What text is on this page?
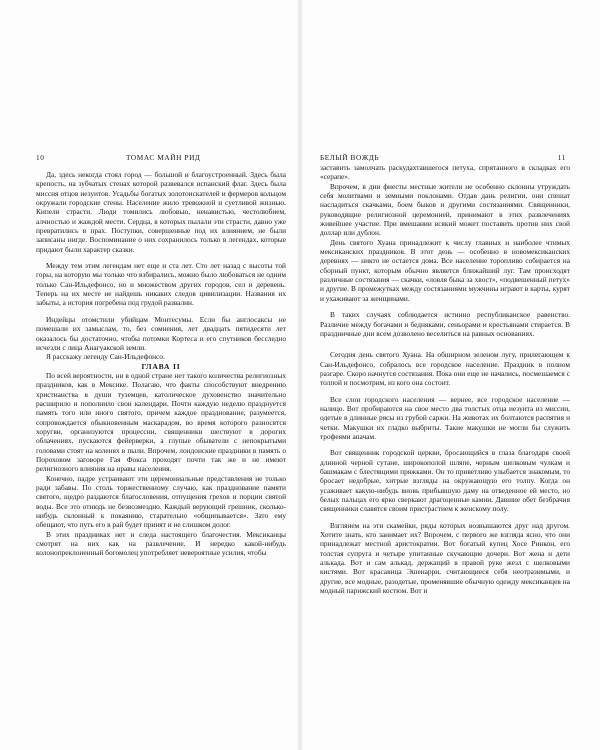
10	ТОМАС МАЙН РИД

Да, здесь некогда стоял город — большой и благоустроенный. Здесь была крепость, на зубчатых стенах которой развевался испанский флаг. Здесь была миссия отцов иезуитов. Усадьбы богатых золотоискателей и фермеров кольцом окружали городские стены. Население жило тревожной и суетливой жизнью. Кипели страсти. Люди томились любовью, ненавистью, честолюбием, алчностью и жаждой мести. Сердца, в которых пылали эти страсти, давно уже превратились в прах. Поступки, совершенные под их влиянием, не были записаны нигде. Воспоминание о них сохранилось только в легендах, которые придают были характер сказки.

Между тем этим легендам нет еще и ста лет. Сто лет назад с высоты той горы, на которую мы только что взбирались, можно было любоваться не одним только Сан-Ильдефонсо, но и множеством других городов, сел и деревень. Теперь на их месте не найдешь никаких следов цивилизации. Названия их забыты, а история погребена под грудой развалин.

Индейцы отомстили убийцам Монтесумы. Если бы англосаксы не помешали их замыслам, то, без сомнения, лет двадцать пятидесяти лет оказалось бы достаточно, чтобы потомки Кортеса и его спутников бесследно исчезли с лица Анагуакской земли.

Я расскажу легенду Сан-Ильдефонсо.

ГЛАВА II

По всей вероятности, ни в одной стране нет такого количества религиозных праздников, как в Мексике. Полагаю, что факты способствуют внедрению христианства в души туземцев, католическое духовенство значительно расширило и пополнило свои календари. Почти каждую неделю празднуется память того или иного святого, причем каждое празднование, разумеется, сопровождается обыкновенным маскарадом, во время которого разносятся хоругви, организуются процессии, священники шествуют в дорогих облачениях, пускаются фейерверки, а глупые обыватели с непокрытыми головами стоят на коленях в пыли. Впрочем, лондонские праздники в память о Пороховом заговоре Гая Фокса проходят почти так же и не имеют религиозного влияния на нравы населения.

Конечно, падре устраивают эти церемониальные представления не только ради забавы. По столь торжественному случаю, как празднование памяти святого, щедро раздаются благословения, отпущения грехов и порции святой воды. Все это отнюдь не безвозмездно. Каждый верующий грешник, сколько-нибудь склонный к покаянию, старательно «общипывается». Зато ему обещают, что путь его в рай будет принят и не слишком долог.

В этих праздниках нет и следа настоящего благочестия. Мексиканцы смотрят на них как на развлечение. И нередко какой-нибудь колонопреклоненный богомолец употребляет невероятные усилия, чтобы

БЕЛЫЙ ВОЖДЬ	11

заставить замолчать раскудахтавшегося петуха, спрятанного в складках его «серапе».

Впрочем, в дни фиесты местные жители не особенно склонны утруждать себя молитвами и земными поклонами. Отдав дань религии, они спешат насладиться скачками, боем быков и другими состязаниями. Священники, руководящие религиозной церемонией, принимают в этих развлечениях живейшее участие. При вмешании всякий может поставить против них свой доллар или дублон.

День святого Хуана принадлежит к числу главных и наиболее чтимых мексиканских праздников. В этот день — особенно в новомексиканских деревнях — никто не остается дома. Все население торопливо собирается на сборный пункт, которым обычно является ближайший луг. Там происходят различные состязания — скачки, «ловля быка за хвост», «подвешенный петух» и другие. В промежутках между состязаниями мужчины играют в карты, курят и ухаживают за женщинами.

В таких случаях соблюдается истинно республиканское равенство. Различие между богачами и бедняками, сеньорами и крестьянами стирается. В праздничные дни всем дозволено веселиться на равных основаниях.

Сегодня день святого Хуана. На обширном зеленом лугу, прилегающем к Сан-Ильдефонсо, собралось все городское население. Праздник в полном разгаре. Скоро начнутся состязания. Пока они еще не начались, посмешаемся с толпой и посмотрим, из кого она состоит.

Все слои городского населения — вернее, все городское население — налицо. Вот пробираются на свое место два толстых отца иезуита из миссии, одетые в длинные рясы из грубой саржи. На животах их болтаются распятия и четки. Макушки их гладко выбриты. Такие макушки не могли бы служить трофеями апачам.

Вот священник городской церкви, бросающийся в глаза благодаря своей длинной черной сутане, широкополой шляпе, черным шелковым чулкам и башмакам с блестящими пряжками. Он то приветливо улыбается знакомым, то бросает недобрые, хитрые взгляды на окружающую его толпу. Когда он усаживает какую-нибудь вновь прибывшую даму на отведенное ей место, но белых пальцах его ярко сверкают драгоценные камни. Давшие обет безбрачия священники славятся своим пристрастием к женскому полу.

Взглянем на эти скамейки, ряды которых возвышаются друг над другом. Хотите знать, кто занимает их? Впрочем, с первого же взгляда ясно, что они принадлежат местной аристократии. Вот богатый купец Хосе Ринкон, его толстая супруга и четыре упитанные скучающие дочери. Вот жена и дети алькада. Вот и сам алькад, держащий в правой руке жезл с шелковыми кистями. Вот красавица Эшенарри, считающиеся себя неотразимыми, и другие, все модные, разодетые, променявшие обычную одежду мексиканцев на модный парижский костюм. Вот и
